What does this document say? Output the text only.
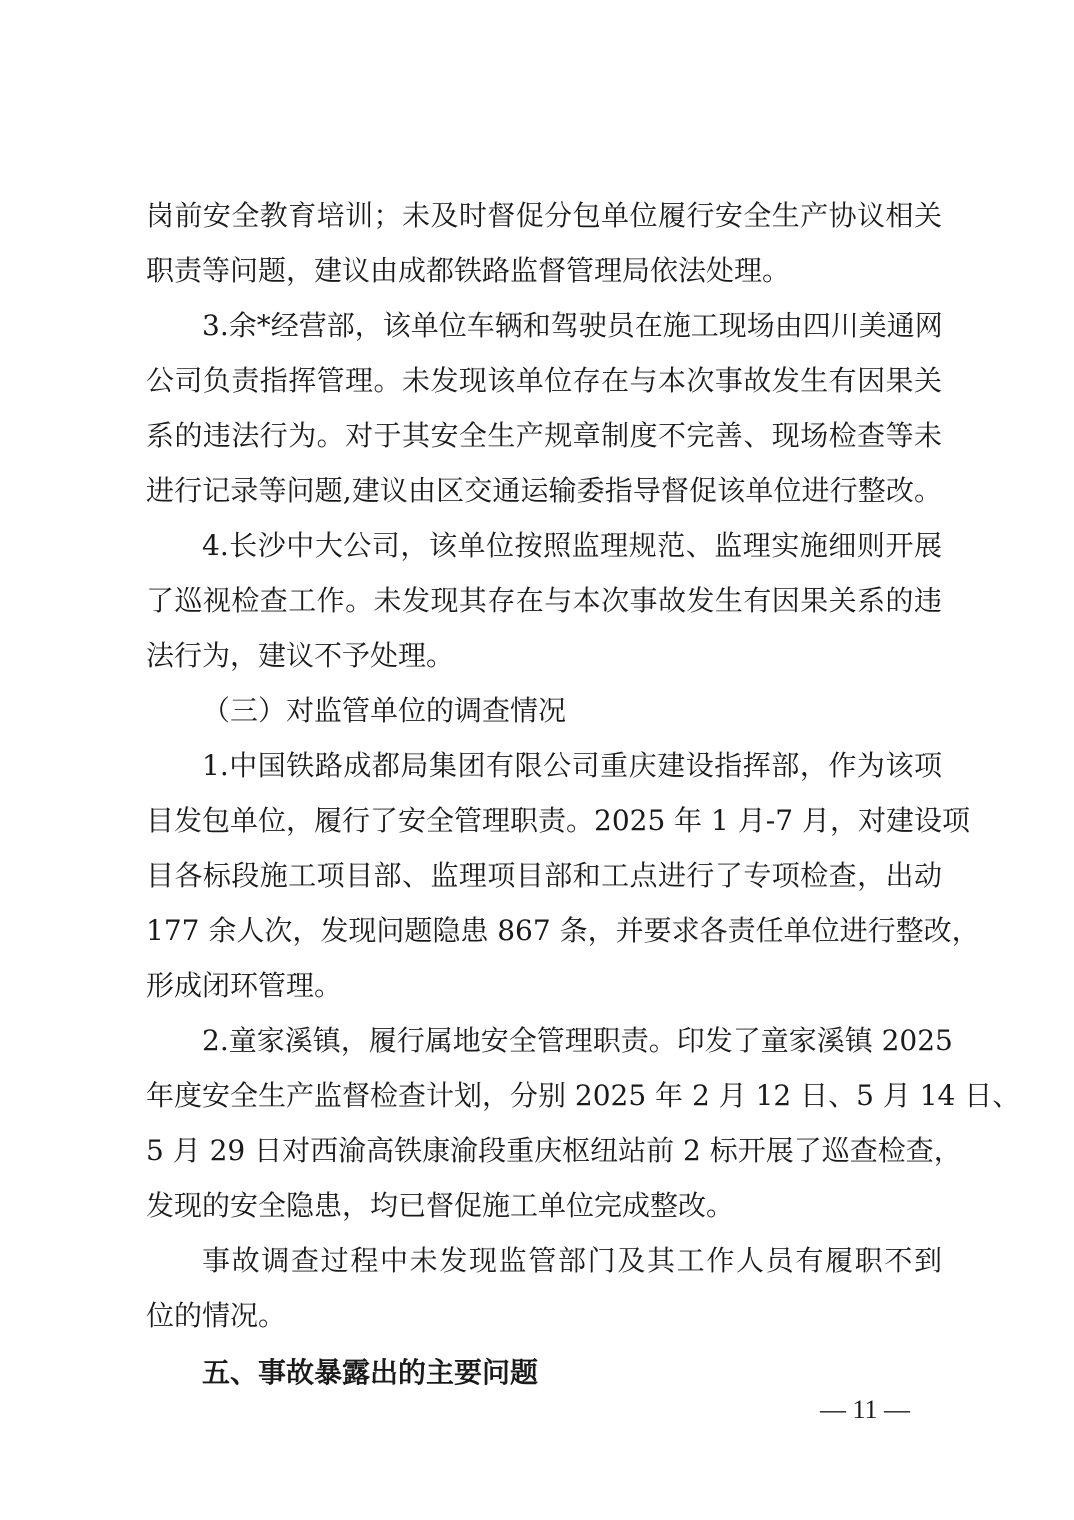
岗前安全教育培训；未及时督促分包单位履行安全生产协议相关
职责等问题，建议由成都铁路监督管理局依法处理。
3.余*经营部，该单位车辆和驾驶员在施工现场由四川美通网
公司负责指挥管理。未发现该单位存在与本次事故发生有因果关
系的违法行为。对于其安全生产规章制度不完善、现场检查等未
进行记录等问题,建议由区交通运输委指导督促该单位进行整改。
4.长沙中大公司，该单位按照监理规范、监理实施细则开展
了巡视检查工作。未发现其存在与本次事故发生有因果关系的违
法行为，建议不予处理。
（三）对监管单位的调查情况
1.中国铁路成都局集团有限公司重庆建设指挥部，作为该项
目发包单位，履行了安全管理职责。2025 年 1 月-7 月，对建设项
目各标段施工项目部、监理项目部和工点进行了专项检查，出动
177 余人次，发现问题隐患 867 条，并要求各责任单位进行整改，
形成闭环管理。
2.童家溪镇，履行属地安全管理职责。印发了童家溪镇 2025
年度安全生产监督检查计划，分别 2025 年 2 月 12 日、5 月 14 日、
5 月 29 日对西渝高铁康渝段重庆枢纽站前 2 标开展了巡查检查，
发现的安全隐患，均已督促施工单位完成整改。
事故调查过程中未发现监管部门及其工作人员有履职不到
位的情况。
五、事故暴露出的主要问题
— 11 —
